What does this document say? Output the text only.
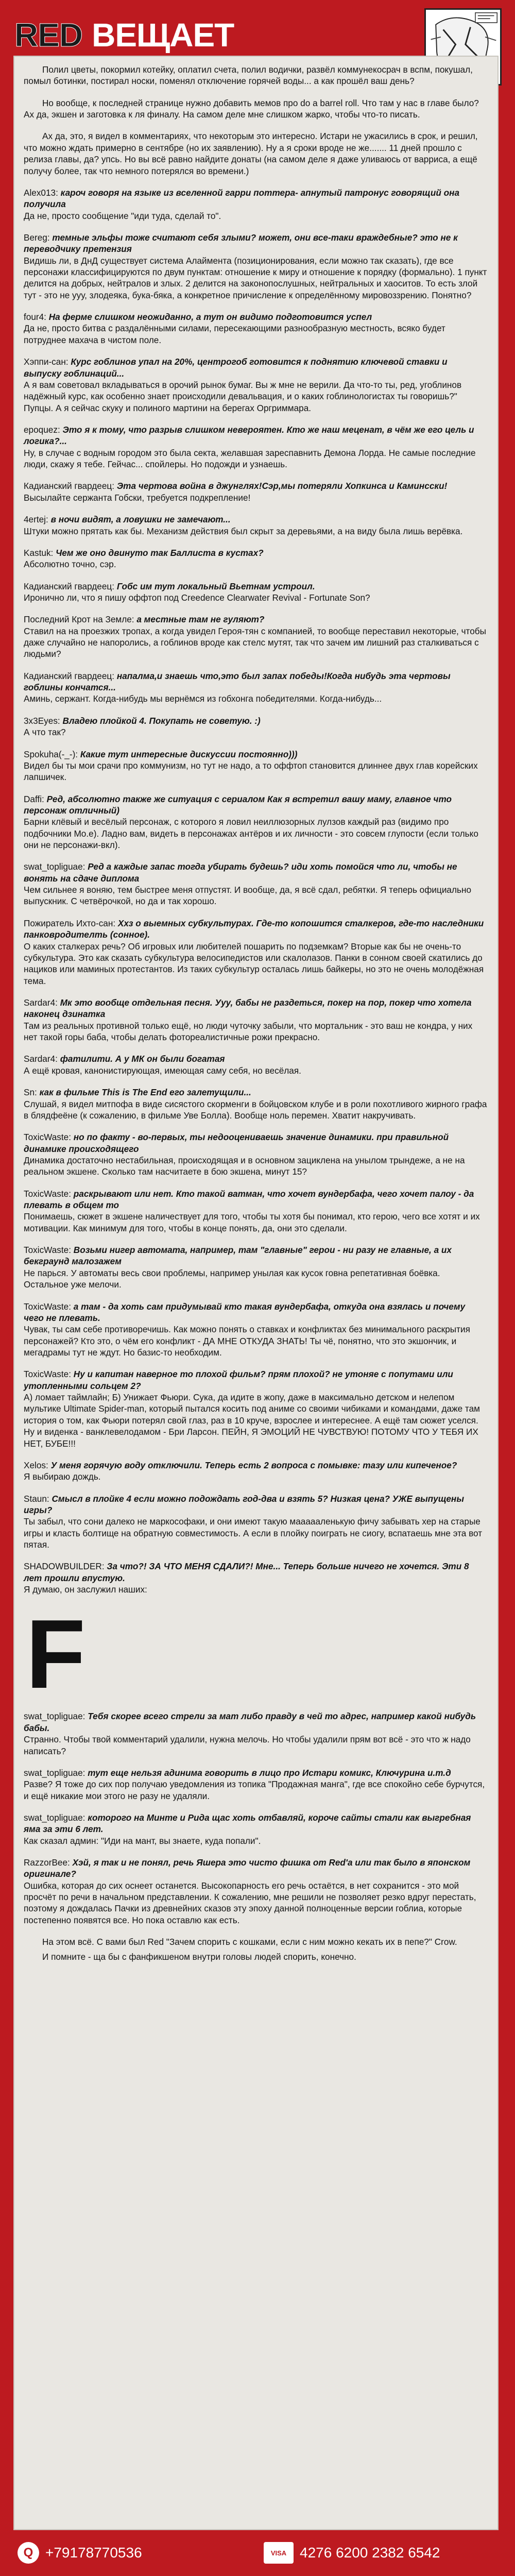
RED ВЕЩАЕТ

Полил цветы, покормил котейку, оплатил счета, полил водички, развёл коммунекосрач в вспм, покушал, помыл ботинки, постирал носки, поменял отключение горячей воды... а как прошёл ваш день?

Но вообще, к последней странице нужно добавить мемов про do a barrel roll. Что там у нас в главе было? Ах да, экшен и заготовка к ля финалу. На самом деле мне слишком жарко, чтобы что-то писать.

Ах да, это, я видел в комментариях, что некоторым это интересно. Истари не ужасились в срок, и решил, что можно ждать примерно в сентябре (но их заявлению). Ну а я сроки вроде не же....... 11 дней прошло с релиза главы, да? упсь. Но вы всё равно найдите донаты (на самом деле я даже уливаюсь от варриса, а ещё получу более, так что немного потерялся во времени.)

Alex013: кароч говоря на языке из вселенной гарри поттера- апнутый патронус говорящий она получила

Да не, просто сообщение "иди туда, сделай то".

Bereg: темные эльфы тоже считают себя злыми? может, они все-таки враждебные? это не к переводчику претензия

Видишь ли, в ДнД существует система Алаймента (позиционирования, если можно так сказать), где все персонажи классифицируются по двум пунктам: отношение к миру и отношение к порядку (формально). 1 пункт делится на добрых, нейтралов и злых. 2 делится на законопослушных, нейтральных и хаоситов. То есть злой тут - это не ууу, злодеяка, бука-бяка, а конкретное причисление к определённому мировоззрению. Понятно?

four4: На ферме слишком неожиданно, а тут он видимо подготовится успел

Да не, просто битва с раздалёнными силами, пересекающими разнообразную местность, всяко будет потруднее махача в чистом поле.

Хэппи-сан: Курс гоблинов упал на 20%, центрогоб готовится к поднятию ключевой ставки и выпуску гоблинаций...

А я вам советовал вкладываться в орочий рынок бумаг. Вы ж мне не верили. Да что-то ты, ред, угоблинов надёжный курс, как особенно знает происходили девальвация, и о каких гоблинологистах ты говоришь?" Пупцы. А я сейчас скуку и полиного мартини на берегах Оргриммара.

epoquez: Это я к тому, что разрыв слишком невероятен. Кто же наш меценат, в чём же его цель и логика?...

Ну, в случае с водным городом это была секта, желавшая зареспавнить Демона Лорда. Не самые последние люди, скажу я тебе. Гейчас... спойлеры. Но подожди и узнаешь.

Кадианский гвардеец: Эта чертова война в джунглях!Сэр,мы потеряли Хопкинса и Каминсски!

Высылайте сержанта Гобски, требуется подкрепление!

4ertej: в ночи видят, а ловушки не замечают...

Штуки можно прятать как бы. Механизм действия был скрыт за деревьями, а на виду была лишь верёвка.

Kastuk: Чем же оно двинуто так Баллиста в кустах?

Абсолютно точно, сэр.

Кадианский гвардеец: Гобс им тут локальный Вьетнам устроил.

Иронично ли, что я пишу оффтоп под Creedence Clearwater Revival - Fortunate Son?

Последний Крот на Земле: а местные там не гуляют?

Ставил на на проезжих тропах, а когда увидел Героя-тян с компанией, то вообще переставил некоторые, чтобы даже случайно не напоролись, а гоблинов вроде как стелс мутят, так что зачем им лишний раз сталкиваться с людьми?

Кадианский гвардеец: напалма,и знаешь что,это был запах победы!Когда нибудь эта чертовы гоблины кончатся...

Аминь, сержант. Когда-нибудь мы вернёмся из гобхонга победителями. Когда-нибудь...

3x3Eyes: Владею плойкой 4. Покупать не советую. :)

А что так?

Spokuha(-_-): Какие тут интересные дискуссии постоянно)))

Видел бы ты мои срачи про коммунизм, но тут не надо, а то оффтоп становится длиннее двух глав корейских лапшичек.

Daffi: Ред, абсолютно также же ситуация с сериалом Как я встретил вашу маму, главное что персонаж отличный)

Барни клёвый и весёлый персонаж, с которого я ловил неиллюзорных лулзов каждый раз (видимо про подбочники Mо.е). Ладно вам, видеть в персонажах антёров и их личности - это совсем глупости (если только они не персонажи-вкл).

swat_topliguae: Ред а каждые запас тогда убирать будешь? иди хоть помойся что ли, чтобы не вонять на сдаче диплома

Чем сильнее я воняю, тем быстрее меня отпустят. И вообще, да, я всё сдал, ребятки. Я теперь официально выпускник. С четвёрочкой, но да и так хорошо.

Пожиратель Ихто-сан: Ххз о выемных субкультурах. Где-то копошится сталкеров, где-то наследники панковродителть (сонное).

О каких сталкерах речь? Об игровых или любителей пошарить по подземкам? Вторые как бы не очень-то субкультура. Это как сказать субкультура велосипедистов или скалолазов. Панки в сонном своей скатились до нациков или маминых протестантов. Из таких субкультур осталась лишь байкеры, но это не очень молодёжная тема.

Sardar4: Мк это вообще отдельная песня. Ууу, бабы не раздеться, покер на пор, покер что хотела наконец дзинатка

Там из реальных противной только ещё, но люди чуточку забыли, что мортальник - это ваш не кондра, у них нет такой горы баба, чтобы делать фотореалистичные рожи прекрасно.

Sardar4: фатилити. А у МК он были богатая

А ещё кровая, канонистирующая, имеющая саму себя, но весёлая.

Sn: как в фильме This is The End его залетущили...

Слушай, я видел митпофа в виде сисястого скорменги в бойцовском клубе и в роли похотливого жирного графа в блядфеёне (к сожалению, в фильме Уве Болла). Вообще ноль перемен. Хватит накручивать.

ToxicWaste: но по факту - во-первых, ты недооцениваешь значение динамики. при правильной динамике происходящего

Динамика достаточно нестабильная, происходящая и в основном зациклена на унылом трындеже, а не на реальном экшене. Сколько там насчитаете в бою экшена, минут 15?

ToxicWaste: раскрывают или нет. Кто такой ватман, что хочет вундербафа, чего хочет палоу - да плевать в общем то

Понимаешь, сюжет в экшене наличествует для того, чтобы ты хотя бы понимал, кто герою, чего все хотят и их мотивации. Как минимум для того, чтобы в конце понять, да, они это сделали.

ToxicWaste: Возьми нигер автомата, например, там "главные" герои - ни разу не главные, а их бекграунд малозажем

Не парься. У автоматы весь свои проблемы, например унылая как кусок говна репетативная боёвка. Остальное уже мелочи.

ToxicWaste: а там - да хоть сам придумывай кто такая вундербафа, откуда она взялась и почему чего не плевать.

Чувак, ты сам себе противоречишь. Как можно понять о ставках и конфликтах без минимального раскрытия персонажей? Кто это, о чём его конфликт - ДА МНЕ ОТКУДА ЗНАТЬ! Ты чё, понятно, что это экшончик, и мегадрамы тут не ждут. Но базис-то необходим.

ToxicWaste: Ну и капитан наверное то плохой фильм? прям плохой? не утоняе с попутами или утопленными сольцем 2?

А) ломает таймлайн; Б) Унижает Фьюри. Сука, да идите в жопу, даже в максимально детском и нелепом мультике Ultimate Spider-man, который пытался косить под аниме со своими чибиками и командами, даже там история о том, как Фьюри потерял свой глаз, раз в 10 круче, взрослее и интереснее. А ещё там сюжет уселся. Ну и виденка - ванклевелодамом - Бри Ларсон. ПЕЙН, Я ЭМОЦИЙ НЕ ЧУВСТВУЮ! ПОТОМУ ЧТО У ТЕБЯ ИХ НЕТ, БУБЕ!!!

Xelos: У меня горячую воду отключили. Теперь есть 2 вопроса с помывке: тазу или кипеченое?

Я выбираю дождь.

Staun: Смысл в плойке 4 если можно подождать год-два и взять 5? Низкая цена? УЖЕ выпущены игры?

Ты забыл, что сони далеко не маркософаки, и они имеют такую маааааленькую фичу забывать хер на старые игры и класть болтище на обратную совместимость. А если в плойку поиграть не сиогу, вспатаешь мне эта вот пятая.

SHADOWBUILDER: За что?! ЗА ЧТО МЕНЯ СДАЛИ?! Мне... Теперь больше ничего не хочется. Эти 8 лет прошли впустую.

Я думаю, он заслужил наших:

F

swat_topliguae: Тебя скорее всего стрели за мат либо правду в чей то адрес, например какой нибудь бабы.

Странно. Чтобы твой комментарий удалили, нужна мелочь. Но чтобы удалили прям вот всё - это что ж надо написать?

swat_topliguae: тут еще нельзя адинима говорить в лицо про Истари комикс, Ключурина и.т.д

Разве? Я тоже до сих пор получаю уведомления из топика "Продажная манга", где все спокойно себе бурчутся, и ещё никакие мои этого не разу не удаляли.

swat_topliguae: которого на Минте и Рида щас хоть отбавляй, короче сайты стали как выгребная яма за эти 6 лет.

Как сказал админ: "Иди на мант, вы знаете, куда попали".

RazzorBee: Хэй, я так и не понял, речь Яшера это чисто фишка от Red'а или так было в японском оригинале?

Ошибка, которая до сих оснеет останется. Высокопарность его речь остаётся, в нет сохранится - это мой просчёт по речи в начальном представлении. К сожалению, мне решили не позволяет резко вдруг перестать, поэтому я дождалась Пачки из древнейних сказов эту эпоху данной полноценные версии гоблиа, которые постепенно появятся все. Но пока оставлю как есть.

На этом всё. С вами был Red "Зачем спорить с кошками, если с ним можно кекать их в пепе?" Crow.

И помните - ща бы с фанфикшеном внутри головы людей спорить, конечно.

Q +79178770536	VISA 4276 6200 2382 6542
